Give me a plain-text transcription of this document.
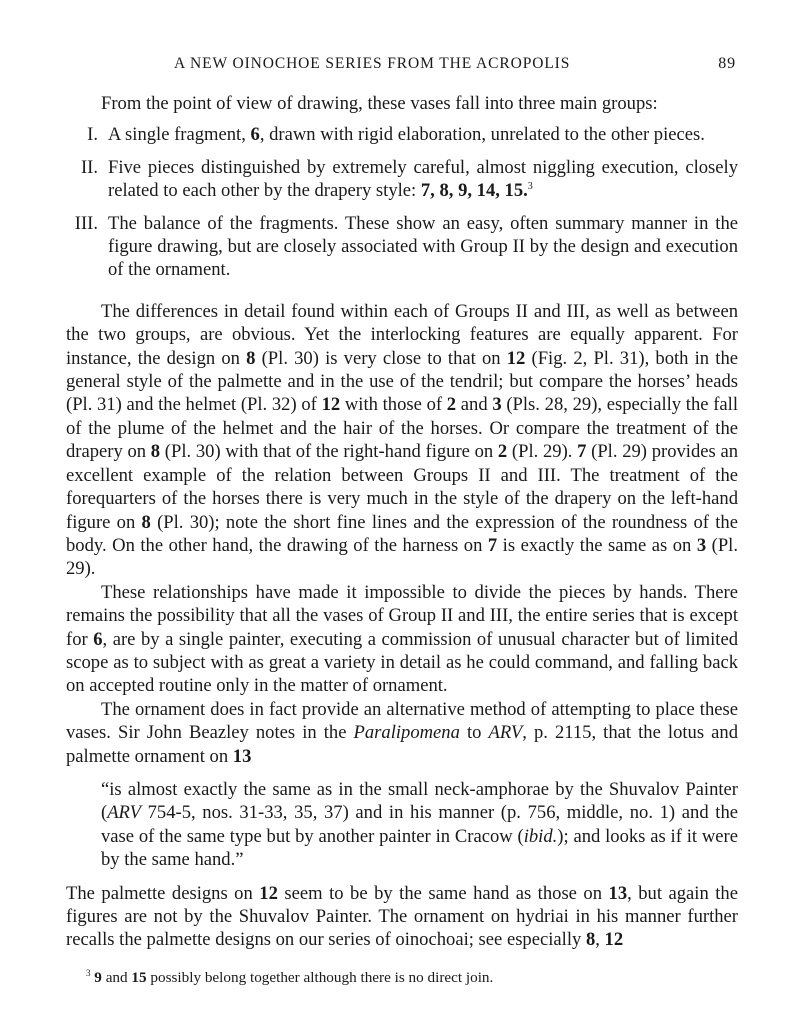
A NEW OINOCHOE SERIES FROM THE ACROPOLIS	89

From the point of view of drawing, these vases fall into three main groups:

I. A single fragment, 6, drawn with rigid elaboration, unrelated to the other pieces.
II. Five pieces distinguished by extremely careful, almost niggling execution, closely related to each other by the drapery style: 7, 8, 9, 14, 15.$^3$
III. The balance of the fragments. These show an easy, often summary manner in the figure drawing, but are closely associated with Group II by the design and execution of the ornament.

The differences in detail found within each of Groups II and III, as well as between the two groups, are obvious. Yet the interlocking features are equally apparent. For instance, the design on 8 (Pl. 30) is very close to that on 12 (Fig. 2, Pl. 31), both in the general style of the palmette and in the use of the tendril; but compare the horses’ heads (Pl. 31) and the helmet (Pl. 32) of 12 with those of 2 and 3 (Pls. 28, 29), especially the fall of the plume of the helmet and the hair of the horses. Or compare the treatment of the drapery on 8 (Pl. 30) with that of the right-hand figure on 2 (Pl. 29). 7 (Pl. 29) provides an excellent example of the relation between Groups II and III. The treatment of the forequarters of the horses there is very much in the style of the drapery on the left-hand figure on 8 (Pl. 30); note the short fine lines and the expression of the roundness of the body. On the other hand, the drawing of the harness on 7 is exactly the same as on 3 (Pl. 29).

These relationships have made it impossible to divide the pieces by hands. There remains the possibility that all the vases of Group II and III, the entire series that is except for 6, are by a single painter, executing a commission of unusual character but of limited scope as to subject with as great a variety in detail as he could command, and falling back on accepted routine only in the matter of ornament.

The ornament does in fact provide an alternative method of attempting to place these vases. Sir John Beazley notes in the Paralipomena to ARV, p. 2115, that the lotus and palmette ornament on 13

“is almost exactly the same as in the small neck-amphorae by the Shuvalov Painter (ARV 754-5, nos. 31-33, 35, 37) and in his manner (p. 756, middle, no. 1) and the vase of the same type but by another painter in Cracow (ibid.); and looks as if it were by the same hand.”

The palmette designs on 12 seem to be by the same hand as those on 13, but again the figures are not by the Shuvalov Painter. The ornament on hydriai in his manner further recalls the palmette designs on our series of oinochoai; see especially 8, 12

$^3$ 9 and 15 possibly belong together although there is no direct join.
